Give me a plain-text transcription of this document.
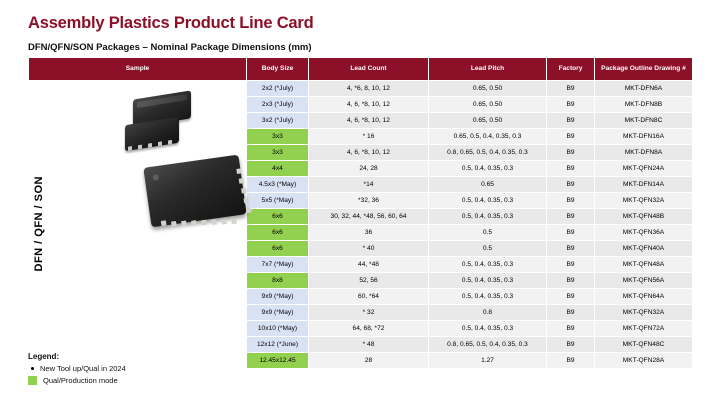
Assembly Plastics Product Line Card
DFN/QFN/SON Packages – Nominal Package Dimensions (mm)
Sample		Body Size	Lead Count	Lead Pitch	Factory	Package Outline Drawing #
DFN / QFN / SON		2x2 (*July)	4, *6, 8, 10, 12	0.65, 0.50	B9	MKT-DFN6A
		2x3 (*July)	4, 6, *8, 10, 12	0.65, 0.50	B9	MKT-DFN8B
		3x2 (*July)	4, 6, *8, 10, 12	0.65, 0.50	B9	MKT-DFN8C
		3x3	* 16	0.65, 0.5, 0.4, 0.35, 0.3	B9	MKT-DFN16A
		3x3	4, 6, *8, 10, 12	0.8, 0.65, 0.5, 0.4, 0.35, 0.3	B9	MKT-DFN8A
		4x4	24, 28	0.5, 0.4, 0.35, 0.3	B9	MKT-QFN24A
		4.5x3 (*May)	*14	0.65	B9	MKT-DFN14A
		5x5 (*May)	*32, 36	0.5, 0.4, 0.35, 0.3	B9	MKT-QFN32A
		6x6	30, 32, 44, *48, 56, 60, 64	0.5, 0.4, 0.35, 0.3	B9	MKT-QFN48B
		6x6	36	0.5	B9	MKT-QFN36A
		6x6	* 40	0.5	B9	MKT-QFN40A
		7x7 (*May)	44, *48	0.5, 0.4, 0.35, 0.3	B9	MKT-QFN48A
		8x8	52, 56	0.5, 0.4, 0.35, 0.3	B9	MKT-QFN56A
		9x9 (*May)	60, *64	0.5, 0.4, 0.35, 0.3	B9	MKT-QFN64A
		9x9 (*May)	* 32	0.8	B9	MKT-QFN32A
		10x10 (*May)	64, 68, *72	0.5, 0.4, 0.35, 0.3	B9	MKT-QFN72A
		12x12 (*June)	* 48	0.8, 0.65, 0.5, 0.4, 0.35, 0.3	B9	MKT-QFN48C
		12.45x12.45	28	1.27	B9	MKT-QFN28A
Legend:
New Tool up/Qual in 2024
Qual/Production mode
